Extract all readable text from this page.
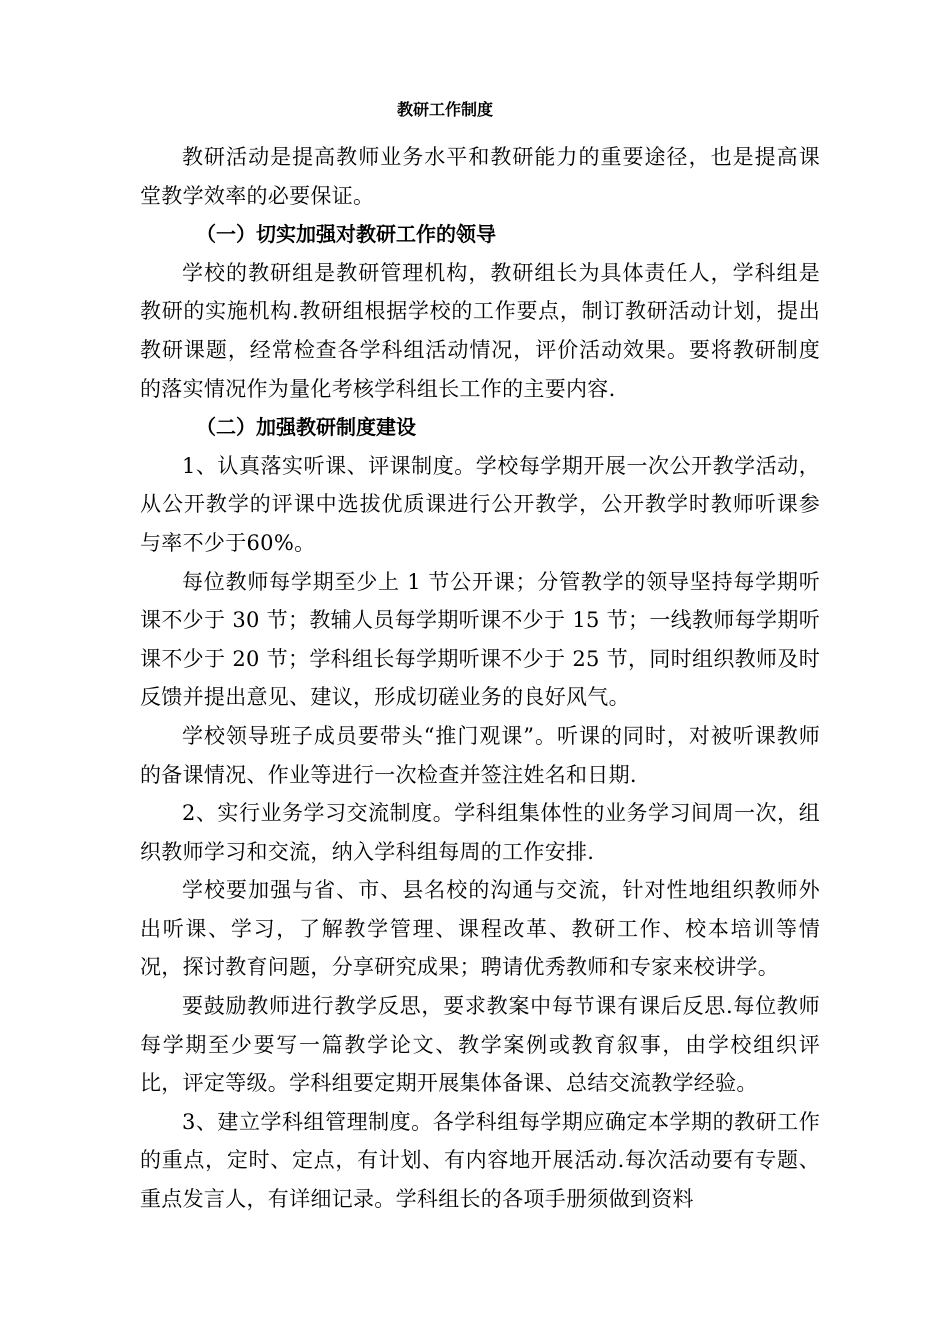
教研工作制度

教研活动是提高教师业务水平和教研能力的重要途径，也是提高课堂教学效率的必要保证。

（一）切实加强对教研工作的领导

学校的教研组是教研管理机构，教研组长为具体责任人，学科组是教研的实施机构.教研组根据学校的工作要点，制订教研活动计划，提出教研课题，经常检查各学科组活动情况，评价活动效果。要将教研制度的落实情况作为量化考核学科组长工作的主要内容.

（二）加强教研制度建设

1、认真落实听课、评课制度。学校每学期开展一次公开教学活动，从公开教学的评课中选拔优质课进行公开教学，公开教学时教师听课参与率不少于60%。

每位教师每学期至少上 1 节公开课；分管教学的领导坚持每学期听课不少于 30 节；教辅人员每学期听课不少于 15 节；一线教师每学期听课不少于 20 节；学科组长每学期听课不少于 25 节，同时组织教师及时反馈并提出意见、建议，形成切磋业务的良好风气。

学校领导班子成员要带头“推门观课”。听课的同时，对被听课教师的备课情况、作业等进行一次检查并签注姓名和日期.

2、实行业务学习交流制度。学科组集体性的业务学习间周一次，组织教师学习和交流，纳入学科组每周的工作安排.

学校要加强与省、市、县名校的沟通与交流，针对性地组织教师外出听课、学习，了解教学管理、课程改革、教研工作、校本培训等情况，探讨教育问题，分享研究成果；聘请优秀教师和专家来校讲学。

要鼓励教师进行教学反思，要求教案中每节课有课后反思.每位教师每学期至少要写一篇教学论文、教学案例或教育叙事，由学校组织评比，评定等级。学科组要定期开展集体备课、总结交流教学经验。

3、建立学科组管理制度。各学科组每学期应确定本学期的教研工作的重点，定时、定点，有计划、有内容地开展活动.每次活动要有专题、重点发言人，有详细记录。学科组长的各项手册须做到资料
